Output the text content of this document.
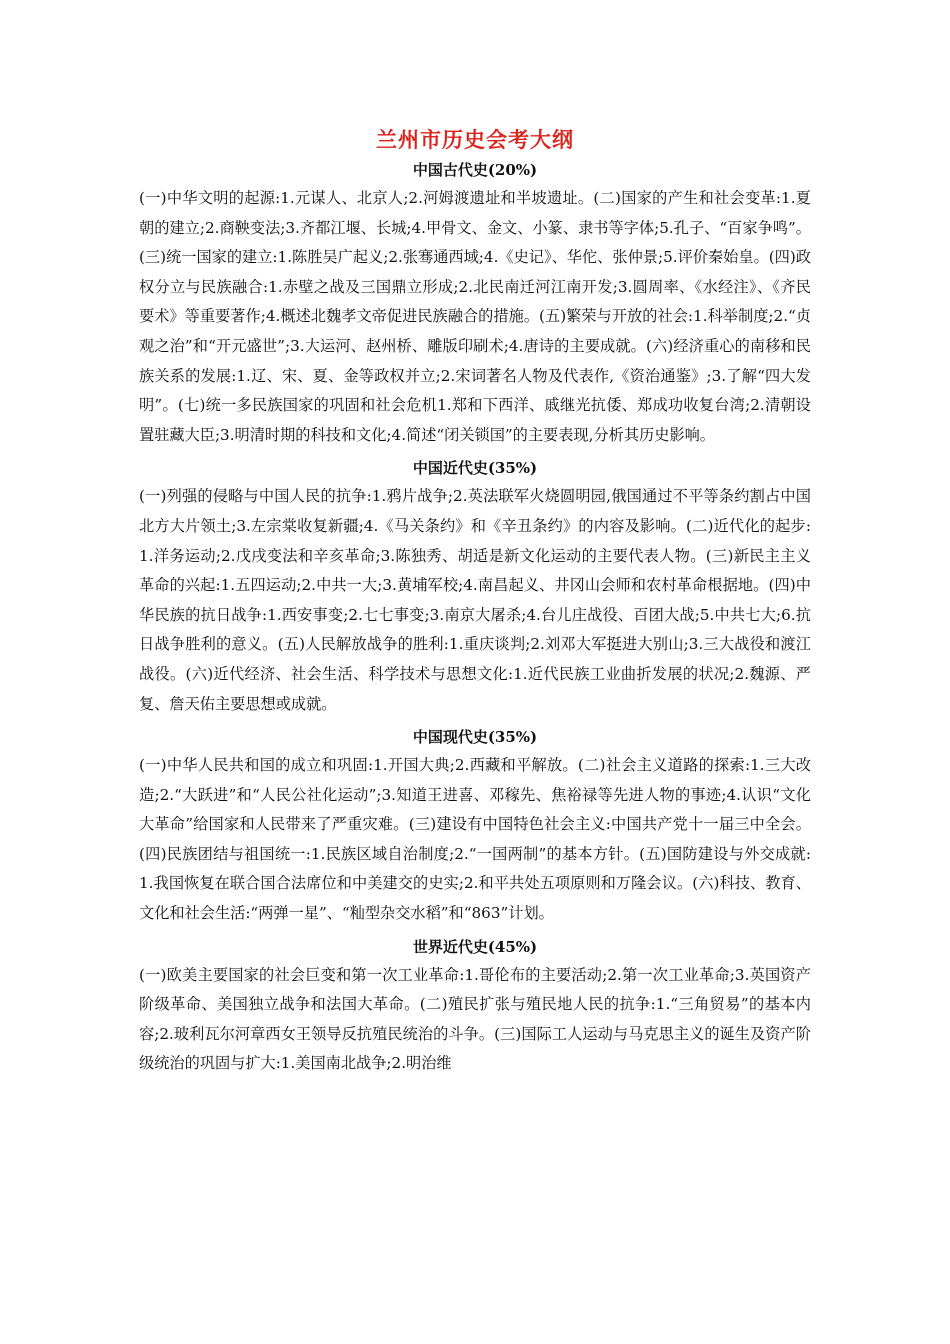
兰州市历史会考大纲
中国古代史(20%)

(一)中华文明的起源:1.元谋人、北京人;2.河姆渡遗址和半坡遗址。(二)国家的产生和社会变革:1.夏朝的建立;2.商鞅变法;3.齐都江堰、长城;4.甲骨文、金文、小篆、隶书等字体;5.孔子、“百家争鸣”。(三)统一国家的建立:1.陈胜吴广起义;2.张骞通西域;4.《史记》、华佗、张仲景;5.评价秦始皇。(四)政权分立与民族融合:1.赤壁之战及三国鼎立形成;2.北民南迁河江南开发;3.圆周率、《水经注》、《齐民要术》等重要著作;4.概述北魏孝文帝促进民族融合的措施。(五)繁荣与开放的社会:1.科举制度;2.“贞观之治”和“开元盛世”;3.大运河、赵州桥、雕版印刷术;4.唐诗的主要成就。(六)经济重心的南移和民族关系的发展:1.辽、宋、夏、金等政权并立;2.宋词著名人物及代表作,《资治通鉴》;3.了解“四大发明”。(七)统一多民族国家的巩固和社会危机1.郑和下西洋、戚继光抗倭、郑成功收复台湾;2.清朝设置驻藏大臣;3.明清时期的科技和文化;4.简述“闭关锁国”的主要表现,分析其历史影响。

中国近代史(35%)

(一)列强的侵略与中国人民的抗争:1.鸦片战争;2.英法联军火烧圆明园,俄国通过不平等条约割占中国北方大片领土;3.左宗棠收复新疆;4.《马关条约》和《辛丑条约》的内容及影响。(二)近代化的起步:1.洋务运动;2.戊戌变法和辛亥革命;3.陈独秀、胡适是新文化运动的主要代表人物。(三)新民主主义革命的兴起:1.五四运动;2.中共一大;3.黄埔军校;4.南昌起义、井冈山会师和农村革命根据地。(四)中华民族的抗日战争:1.西安事变;2.七七事变;3.南京大屠杀;4.台儿庄战役、百团大战;5.中共七大;6.抗日战争胜利的意义。(五)人民解放战争的胜利:1.重庆谈判;2.刘邓大军挺进大别山;3.三大战役和渡江战役。(六)近代经济、社会生活、科学技术与思想文化:1.近代民族工业曲折发展的状况;2.魏源、严复、詹天佑主要思想或成就。

中国现代史(35%)

(一)中华人民共和国的成立和巩固:1.开国大典;2.西藏和平解放。(二)社会主义道路的探索:1.三大改造;2.“大跃进”和“人民公社化运动”;3.知道王进喜、邓稼先、焦裕禄等先进人物的事迹;4.认识“文化大革命”给国家和人民带来了严重灾难。(三)建设有中国特色社会主义:中国共产党十一届三中全会。(四)民族团结与祖国统一:1.民族区域自治制度;2.“一国两制”的基本方针。(五)国防建设与外交成就:1.我国恢复在联合国合法席位和中美建交的史实;2.和平共处五项原则和万隆会议。(六)科技、教育、文化和社会生活:“两弹一星”、“籼型杂交水稻”和“863”计划。

世界近代史(45%)

(一)欧美主要国家的社会巨变和第一次工业革命:1.哥伦布的主要活动;2.第一次工业革命;3.英国资产阶级革命、美国独立战争和法国大革命。(二)殖民扩张与殖民地人民的抗争:1.“三角贸易”的基本内容;2.玻利瓦尔河章西女王领导反抗殖民统治的斗争。(三)国际工人运动与马克思主义的诞生及资产阶级统治的巩固与扩大:1.美国南北战争;2.明治维
